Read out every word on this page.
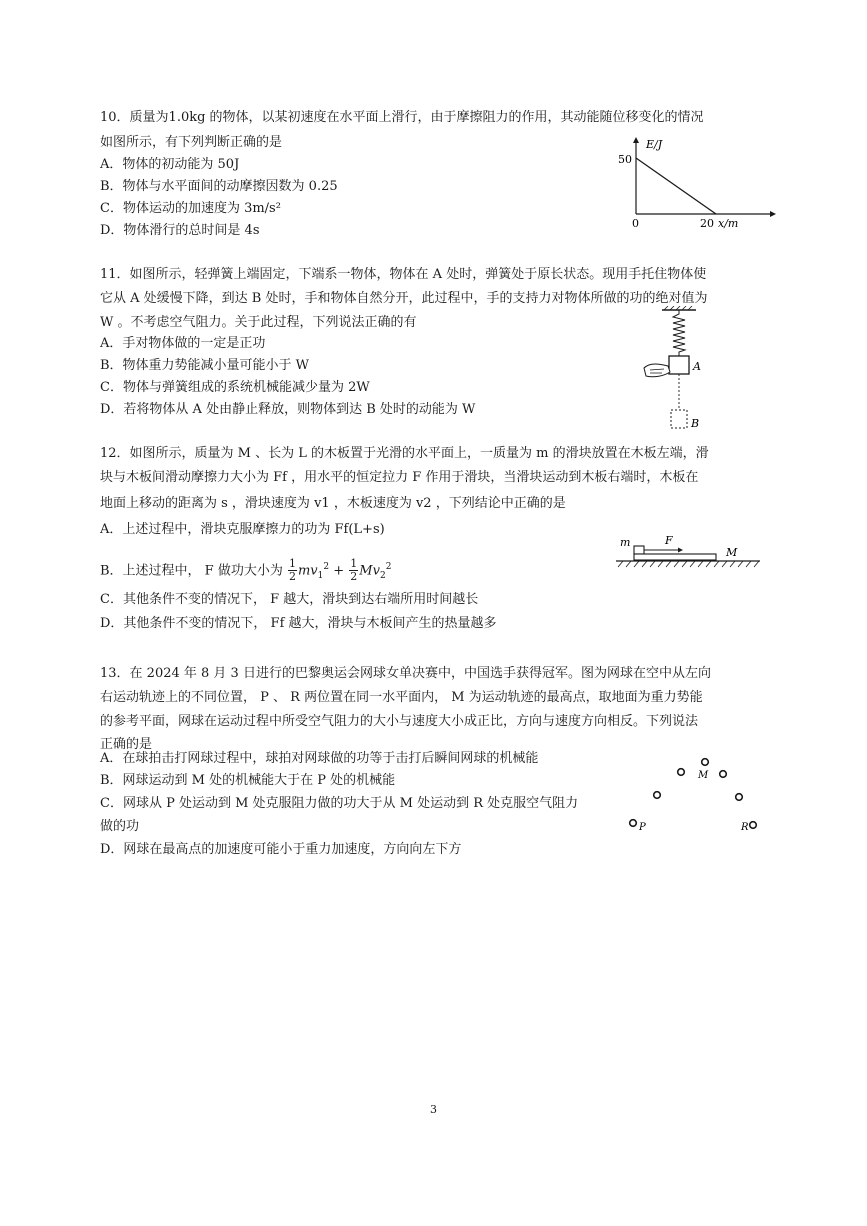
10．质量为1.0kg 的物体，以某初速度在水平面上滑行，由于摩擦阻力的作用，其动能随位移变化的情况
如图所示，有下列判断正确的是
A．物体的初动能为 50J
B．物体与水平面间的动摩擦因数为 0.25
C．物体运动的加速度为 3m/s²
D．物体滑行的总时间是 4s
E/J
50
0	20 x/m
11．如图所示，轻弹簧上端固定，下端系一物体，物体在 A 处时，弹簧处于原长状态。现用手托住物体使
它从 A 处缓慢下降，到达 B 处时，手和物体自然分开，此过程中，手的支持力对物体所做的功的绝对值为
W 。不考虑空气阻力。关于此过程，下列说法正确的有
A．手对物体做的一定是正功
B．物体重力势能减小量可能小于 W
C．物体与弹簧组成的系统机械能减少量为 2W
D．若将物体从 A 处由静止释放，则物体到达 B 处时的动能为 W
A
B
12．如图所示，质量为 M 、长为 L 的木板置于光滑的水平面上，一质量为 m 的滑块放置在木板左端，滑
块与木板间滑动摩擦力大小为 Ff ，用水平的恒定拉力 F 作用于滑块，当滑块运动到木板右端时，木板在
地面上移动的距离为 s ，滑块速度为 v1 ，木板速度为 v2 ，下列结论中正确的是
A．上述过程中，滑块克服摩擦力的功为 Ff(L+s)
B．上述过程中， F 做功大小为 $\frac{1}{2} mv_1^2 + \frac{1}{2} Mv_2^2$
C．其他条件不变的情况下， F 越大，滑块到达右端所用时间越长
D．其他条件不变的情况下， Ff 越大，滑块与木板间产生的热量越多
m	F
M
13．在 2024 年 8 月 3 日进行的巴黎奥运会网球女单决赛中，中国选手获得冠军。图为网球在空中从左向
右运动轨迹上的不同位置， P 、 R 两位置在同一水平面内， M 为运动轨迹的最高点，取地面为重力势能
的参考平面，网球在运动过程中所受空气阻力的大小与速度大小成正比，方向与速度方向相反。下列说法
正确的是
A．在球拍击打网球过程中，球拍对网球做的功等于击打后瞬间网球的机械能
B．网球运动到 M 处的机械能大于在 P 处的机械能
C．网球从 P 处运动到 M 处克服阻力做的功大于从 M 处运动到 R 处克服空气阻力
做的功
D．网球在最高点的加速度可能小于重力加速度，方向向左下方
P
M
R
3
